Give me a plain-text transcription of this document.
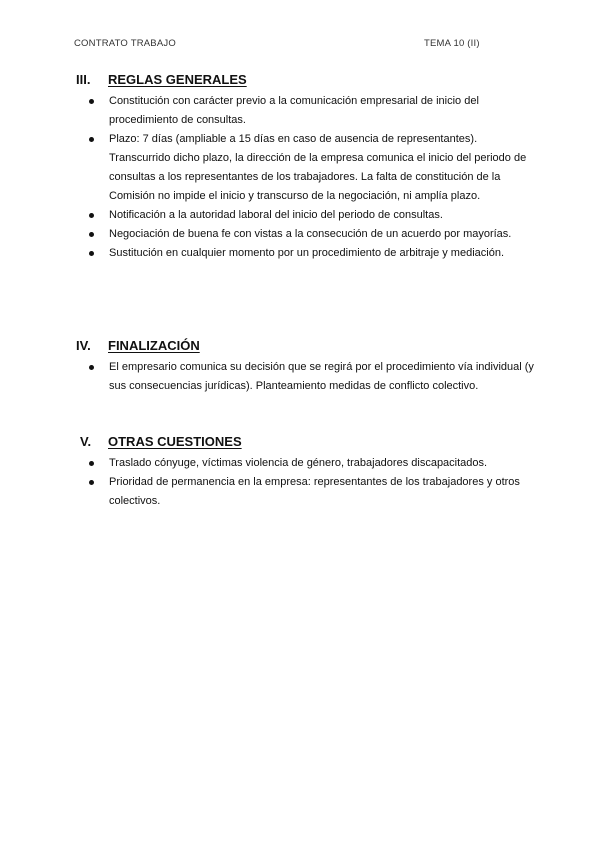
CONTRATO TRABAJO	TEMA 10 (II)
III. REGLAS GENERALES
Constitución con carácter previo a la comunicación empresarial de inicio del procedimiento de consultas.
Plazo: 7 días (ampliable a 15 días en caso de ausencia de representantes). Transcurrido dicho plazo, la dirección de la empresa comunica el inicio del periodo de consultas a los representantes de los trabajadores. La falta de constitución de la Comisión no impide el inicio y transcurso de la negociación, ni amplía plazo.
Notificación a la autoridad laboral del inicio del periodo de consultas.
Negociación de buena fe con vistas a la consecución de un acuerdo por mayorías.
Sustitución en cualquier momento por un procedimiento de arbitraje y mediación.
IV. FINALIZACIÓN
El empresario comunica su decisión que se regirá por el procedimiento vía individual (y sus consecuencias jurídicas). Planteamiento medidas de conflicto colectivo.
V. OTRAS CUESTIONES
Traslado cónyuge, víctimas violencia de género, trabajadores discapacitados.
Prioridad de permanencia en la empresa: representantes de los trabajadores y otros colectivos.
